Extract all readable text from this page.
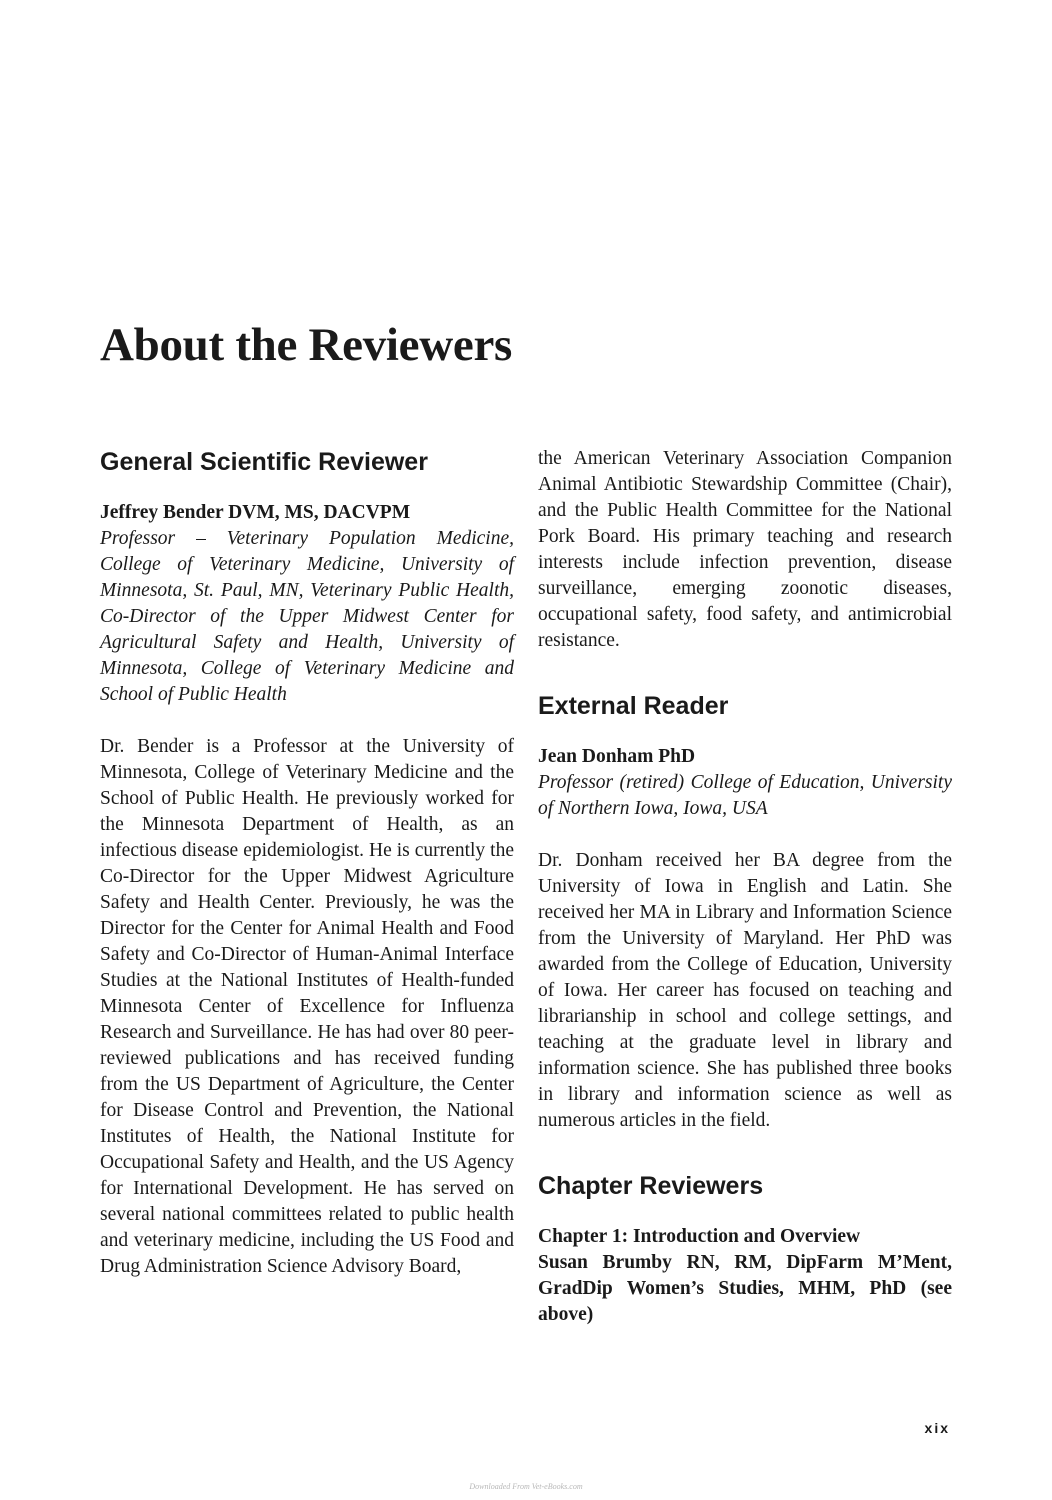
About the Reviewers
General Scientific Reviewer

Jeffrey Bender DVM, MS, DACVPM

Professor – Veterinary Population Medicine, College of Veterinary Medicine, University of Minnesota, St. Paul, MN, Veterinary Public Health, Co-Director of the Upper Midwest Center for Agricultural Safety and Health, University of Minnesota, College of Veterinary Medicine and School of Public Health

Dr. Bender is a Professor at the University of Minnesota, College of Veterinary Medicine and the School of Public Health. He previously worked for the Minnesota Department of Health, as an infectious disease epidemiologist. He is currently the Co-Director for the Upper Midwest Agriculture Safety and Health Center. Previously, he was the Director for the Center for Animal Health and Food Safety and Co-Director of Human-Animal Interface Studies at the National Institutes of Health-funded Minnesota Center of Excellence for Influenza Research and Surveillance. He has had over 80 peer-reviewed publications and has received funding from the US Department of Agriculture, the Center for Disease Control and Prevention, the National Institutes of Health, the National Institute for Occupational Safety and Health, and the US Agency for International Development. He has served on several national committees related to public health and veterinary medicine, including the US Food and Drug Administration Science Advisory Board,

the American Veterinary Association Companion Animal Antibiotic Stewardship Committee (Chair), and the Public Health Committee for the National Pork Board. His primary teaching and research interests include infection prevention, disease surveillance, emerging zoonotic diseases, occupational safety, food safety, and antimicrobial resistance.

External Reader

Jean Donham PhD

Professor (retired) College of Education, University of Northern Iowa, Iowa, USA

Dr. Donham received her BA degree from the University of Iowa in English and Latin. She received her MA in Library and Information Science from the University of Maryland. Her PhD was awarded from the College of Education, University of Iowa. Her career has focused on teaching and librarianship in school and college settings, and teaching at the graduate level in library and information science. She has published three books in library and information science as well as numerous articles in the field.

Chapter Reviewers

Chapter 1: Introduction and Overview

Susan Brumby RN, RM, DipFarm M’Ment, GradDip Women’s Studies, MHM, PhD (see above)

xix
Downloaded From Vet-eBooks.com
